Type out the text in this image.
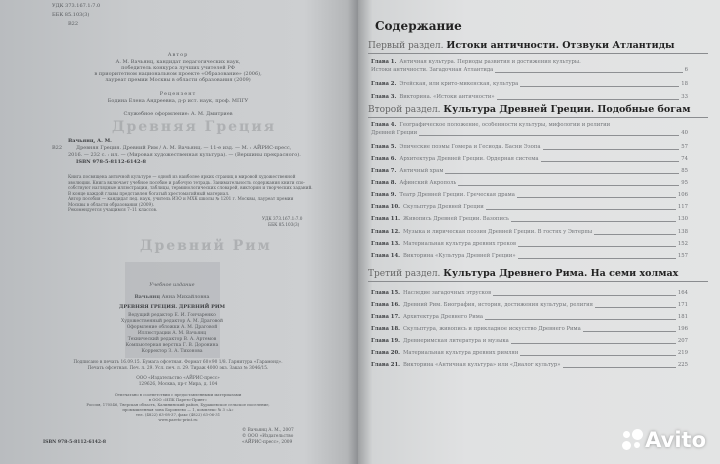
Древняя Греция
Древний Рим
УДК 373.167.1:7.0
ББК 85.103(3)
В22
Автор
А. М. Вачьянц, кандидат педагогических наук,
победитель конкурса лучших учителей РФ
в приоритетном национальном проекте «Образование» (2006),
лауреат премии Москвы в области образования (2009)
Рецензент
Бодина Елена Андреевна, д-р ист. наук, проф. МПГУ
Служебное оформление: А. М. Дмитриев
Вачьянц, А. М.
В22	Древняя Греция. Древний Рим / А. М. Вачьянц. — 11-е изд. — М. : АЙРИС-пресс,
2016. — 232 с. : ил. — (Мировая художественная культура). — (Вершины прекрасного).
ISBN 978-5-8112-6142-8
Книга посвящена античной культуре — одной из наиболее ярких страниц в мировой художественной
эволюции. Книга включает учебное пособие и рабочую тетрадь. Занимательность содержания книги спо-
собствуют наглядные иллюстрации, таблицы, терминологических словарей, викторин и творческих заданий.
В конце каждой главы представлен богатый хрестоматийный материал.
Автор пособия — кандидат пед. наук, учитель ИЗО и МХК школы № 1201 г. Москвы, лауреат премии
Москвы в области образования (2009).
Рекомендуется учащимся 7–11 классов.
УДК 373.167.1:7.0
ББК 85.103(3)
Учебное издание
Вачьянц Анна Михайловна
ДРЕВНЯЯ ГРЕЦИЯ. ДРЕВНИЙ РИМ
Ведущий редактор Е. И. Гончаренко
Художественный редактор А. М. Драговой
Оформление обложки А. М. Драговой
Иллюстрации А. М. Вачьянц
Технический редактор В. А. Артемов
Компьютерная верстка Г. В. Доронина
Корректор З. А. Тихонова
Подписано в печать 16.09.15. Бумага офсетная. Формат 60×90 1/8. Гарнитура «Гарамонд».
Печать офсетная. Печ. л. 29. Усл. печ. л. 29. Тираж 4000 экз. Заказ № 3046/15.
ООО «Издательство «АЙРИС-пресс»
129626, Москва, пр-т Мира, д. 104
Отпечатано в соответствии с предоставленными материалами
в ООО «ИПК Парето-Принт»
Россия, 170546, Тверская область, Калининский район, Бурашевское сельское поселение,
промышленная зона Боровлево — 1, комплекс № 3 «А»
тел. (4822) 63-08-37, факс (4822) 63-06-31
www.pareto-print.ru
ISBN 978-5-8112-6142-8
© Вачьянц А. М., 2007
© ООО «Издательство
«АЙРИС-пресс», 2009
Содержание
Первый раздел. Истоки античности. Отзвуки Атлантиды
Глава 1. Античная культура. Периоды развития и достижения культуры.
Истоки античности. Загадочная Атлантида	6
Глава 2. Эгейская, или крито-микенская, культура	18
Глава 3. Викторина. «Истоки античности»	33
Второй раздел. Культура Древней Греции. Подобные богам
Глава 4. Географическое положение, особенности культуры, мифологии и религии
Древней Греции	40
Глава 5. Эпические поэмы Гомера и Гесиода. Басни Эзопа	57
Глава 6. Архитектура Древней Греции. Ордерная система	74
Глава 7. Античный храм	85
Глава 8. Афинский Акрополь	95
Глава 9. Театр Древней Греции. Греческая драма	106
Глава 10. Скульптура Древней Греции	117
Глава 11. Живопись Древней Греции. Вазопись	130
Глава 12. Музыка и лирическая поэзия Древней Греции. В гостях у Эвтерпы	138
Глава 13. Материальная культура древних греков	152
Глава 14. Викторина «Культура Древней Греции»	157
Третий раздел. Культура Древнего Рима. На семи холмах
Глава 15. Наследие загадочных этрусков	164
Глава 16. Древний Рим. Биография, история, достижения культуры, религия	171
Глава 17. Архитектура Древнего Рима	181
Глава 18. Скульптура, живопись и прикладное искусство Древнего Рима	196
Глава 19. Древнеримская литература и музыка	207
Глава 20. Материальная культура древних римлян	219
Глава 21. Викторина «Античная культура» или «Диалог культур»	225
Avito
